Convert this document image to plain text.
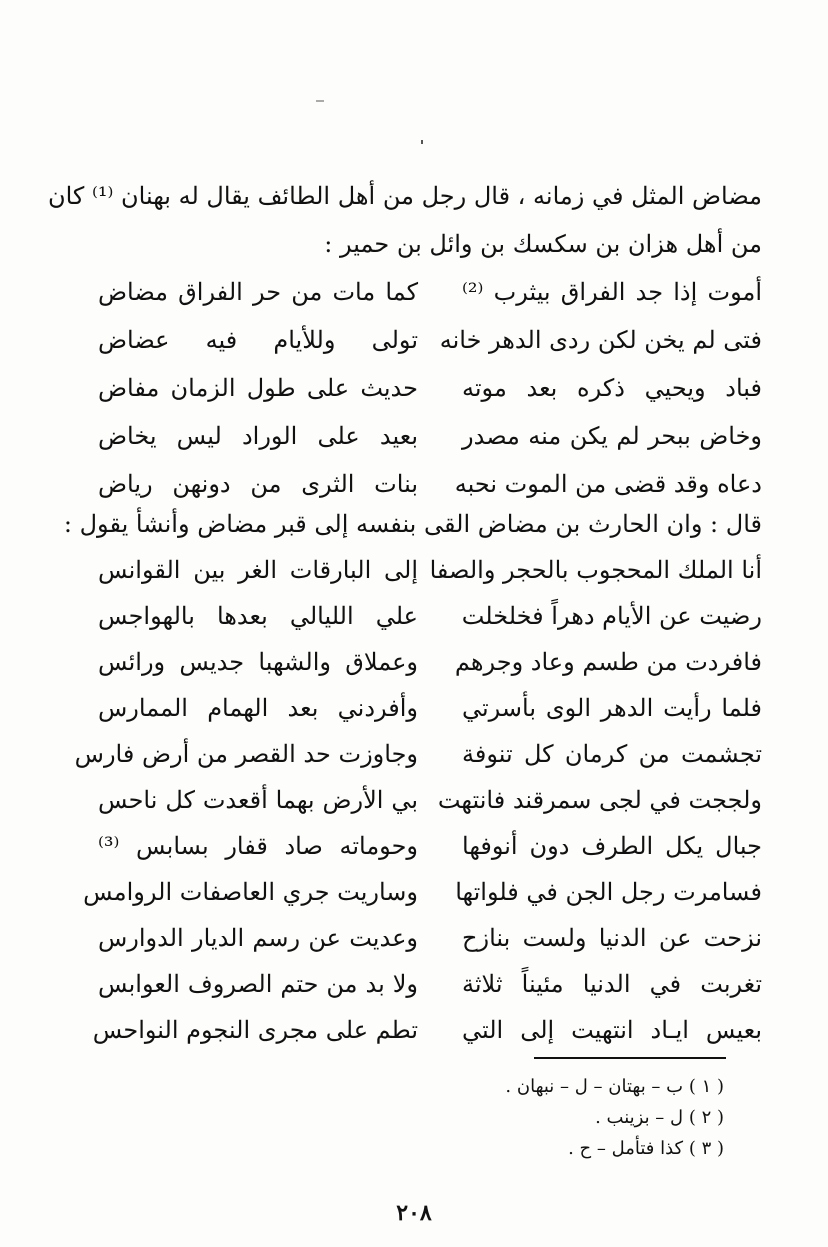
مضاض المثل في زمانه ، قال رجل من أهل الطائف يقال له بهنان ⁽¹⁾ كان
من أهل هزان بن سكسك بن وائل بن حمير :
أموت إذا جد الفراق بيثرب ⁽²⁾
كما مات من حر الفراق مضاض
فتى لم يخن لكن ردى الدهر خانه
تولى وللأيام فيه عضاض
فباد ويحيي ذكره بعد موته
حديث على طول الزمان مفاض
وخاض ببحر لم يكن منه مصدر
بعيد على الوراد ليس يخاض
دعاه وقد قضى من الموت نحبه
بنات الثرى من دونهن رياض
قال : وان الحارث بن مضاض القى بنفسه إلى قبر مضاض وأنشأ يقول :
أنا الملك المحجوب بالحجر والصفا
إلى البارقات الغر بين القوانس
رضيت عن الأيام دهراً فخلخلت
علي الليالي بعدها بالهواجس
فافردت من طسم وعاد وجرهم
وعملاق والشهبا جديس ورائس
فلما رأيت الدهر الوى بأسرتي
وأفردني بعد الهمام الممارس
تجشمت من كرمان كل تنوفة
وجاوزت حد القصر من أرض فارس
ولججت في لجى سمرقند فانتهت
بي الأرض بهما أقعدت كل ناحس
جبال يكل الطرف دون أنوفها
وحوماته صاد قفار بسابس ⁽³⁾
فسامرت رجل الجن في فلواتها
وساريت جري العاصفات الروامس
نزحت عن الدنيا ولست بنازح
وعديت عن رسم الديار الدوارس
تغربت في الدنيا مئيناً ثلاثة
ولا بد من حتم الصروف العوابس
بعيس ايـاد انتهيت إلى التي
تطم على مجرى النجوم النواحس
( ١ ) ب – بهتان – ل – نبهان .
( ٢ ) ل – بزينب .
( ٣ ) كذا فتأمل – ح .
٢٠٨
